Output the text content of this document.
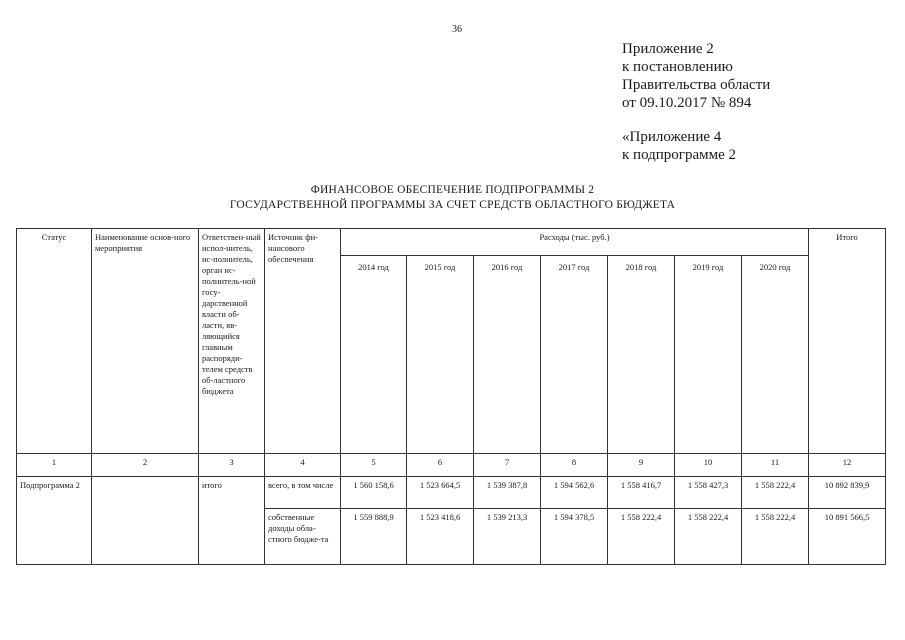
36
Приложение 2
к постановлению
Правительства области
от 09.10.2017 № 894
«Приложение 4
к подпрограмме 2
ФИНАНСОВОЕ ОБЕСПЕЧЕНИЕ ПОДПРОГРАММЫ 2
ГОСУДАРСТВЕННОЙ ПРОГРАММЫ ЗА СЧЕТ СРЕДСТВ ОБЛАСТНОГО БЮДЖЕТА
Статус	Наименование основ-ного мероприятия	Ответствен-ный испол-нитель, ис-полнитель, орган ис-полнитель-ной госу-дарственной власти об-ласти, яв-ляющийся главным распоряди-телем средств об-ластного бюджета	Источник фи-нансового обеспечения	Расходы (тыс. руб.)							Итого
				2014 год	2015 год	2016 год	2017 год	2018 год	2019 год	2020 год	
1	2	3	4	5	6	7	8	9	10	11	12
Подпрограмма 2		итого	всего, в том числе	1 560 158,6	1 523 664,5	1 539 387,8	1 594 562,6	1 558 416,7	1 558 427,3	1 558 222,4	10 892 839,9
			собственные доходы обла-стного бюдже-та	1 559 888,9	1 523 418,6	1 539 213,3	1 594 378,5	1 558 222,4	1 558 222,4	1 558 222,4	10 891 566,5
